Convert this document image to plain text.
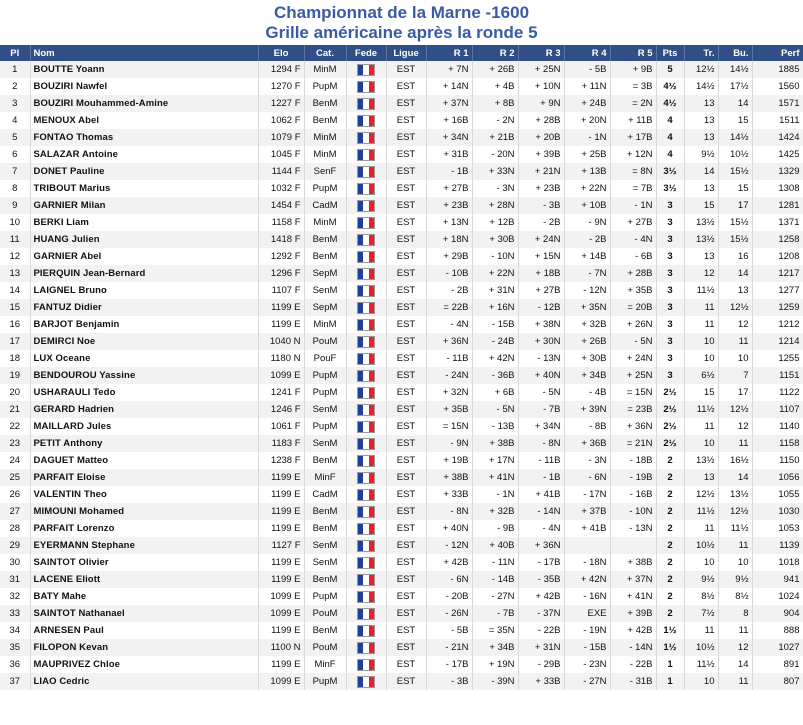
Championnat de la Marne -1600
Grille américaine après la ronde 5
Pl	Nom	Elo	Cat.	Fede	Ligue	R 1	R 2	R 3	R 4	R 5	Pts	Tr.	Bu.	Perf
1	BOUTTE Yoann	1294 F	MinM		EST	+ 7N	+ 26B	+ 25N	- 5B	+ 9B	5	12½	14½	1885
2	BOUZIRI Nawfel	1270 F	PupM		EST	+ 14N	+ 4B	+ 10N	+ 11N	= 3B	4½	14½	17½	1560
3	BOUZIRI Mouhammed-Amine	1227 F	BenM		EST	+ 37N	+ 8B	+ 9N	+ 24B	= 2N	4½	13	14	1571
4	MENOUX Abel	1062 F	BenM		EST	+ 16B	- 2N	+ 28B	+ 20N	+ 11B	4	13	15	1511
5	FONTAO Thomas	1079 F	MinM		EST	+ 34N	+ 21B	+ 20B	- 1N	+ 17B	4	13	14½	1424
6	SALAZAR Antoine	1045 F	MinM		EST	+ 31B	- 20N	+ 39B	+ 25B	+ 12N	4	9½	10½	1425
7	DONET Pauline	1144 F	SenF		EST	- 1B	+ 33N	+ 21N	+ 13B	= 8N	3½	14	15½	1329
8	TRIBOUT Marius	1032 F	PupM		EST	+ 27B	- 3N	+ 23B	+ 22N	= 7B	3½	13	15	1308
9	GARNIER Milan	1454 F	CadM		EST	+ 23B	+ 28N	- 3B	+ 10B	- 1N	3	15	17	1281
10	BERKI Liam	1158 F	MinM		EST	+ 13N	+ 12B	- 2B	- 9N	+ 27B	3	13½	15½	1371
11	HUANG Julien	1418 F	BenM		EST	+ 18N	+ 30B	+ 24N	- 2B	- 4N	3	13½	15½	1258
12	GARNIER Abel	1292 F	BenM		EST	+ 29B	- 10N	+ 15N	+ 14B	- 6B	3	13	16	1208
13	PIERQUIN Jean-Bernard	1296 F	SepM		EST	- 10B	+ 22N	+ 18B	- 7N	+ 28B	3	12	14	1217
14	LAIGNEL Bruno	1107 F	SenM		EST	- 2B	+ 31N	+ 27B	- 12N	+ 35B	3	11½	13	1277
15	FANTUZ Didier	1199 E	SepM		EST	= 22B	+ 16N	- 12B	+ 35N	= 20B	3	11	12½	1259
16	BARJOT Benjamin	1199 E	MinM		EST	- 4N	- 15B	+ 38N	+ 32B	+ 26N	3	11	12	1212
17	DEMIRCI Noe	1040 N	PouM		EST	+ 36N	- 24B	+ 30N	+ 26B	- 5N	3	10	11	1214
18	LUX Oceane	1180 N	PouF		EST	- 11B	+ 42N	- 13N	+ 30B	+ 24N	3	10	10	1255
19	BENDOUROU Yassine	1099 E	PupM		EST	- 24N	- 36B	+ 40N	+ 34B	+ 25N	3	6½	7	1151
20	USHARAULI Tedo	1241 F	PupM		EST	+ 32N	+ 6B	- 5N	- 4B	= 15N	2½	15	17	1122
21	GERARD Hadrien	1246 F	SenM		EST	+ 35B	- 5N	- 7B	+ 39N	= 23B	2½	11½	12½	1107
22	MAILLARD Jules	1061 F	PupM		EST	= 15N	- 13B	+ 34N	- 8B	+ 36N	2½	11	12	1140
23	PETIT Anthony	1183 F	SenM		EST	- 9N	+ 38B	- 8N	+ 36B	= 21N	2½	10	11	1158
24	DAGUET Matteo	1238 F	BenM		EST	+ 19B	+ 17N	- 11B	- 3N	- 18B	2	13½	16½	1150
25	PARFAIT Eloise	1199 E	MinF		EST	+ 38B	+ 41N	- 1B	- 6N	- 19B	2	13	14	1056
26	VALENTIN Theo	1199 E	CadM		EST	+ 33B	- 1N	+ 41B	- 17N	- 16B	2	12½	13½	1055
27	MIMOUNI Mohamed	1199 E	BenM		EST	- 8N	+ 32B	- 14N	+ 37B	- 10N	2	11½	12½	1030
28	PARFAIT Lorenzo	1199 E	BenM		EST	+ 40N	- 9B	- 4N	+ 41B	- 13N	2	11	11½	1053
29	EYERMANN Stephane	1127 F	SenM		EST	- 12N	+ 40B	+ 36N			2	10½	11	1139
30	SAINTOT Olivier	1199 E	SenM		EST	+ 42B	- 11N	- 17B	- 18N	+ 38B	2	10	10	1018
31	LACENE Eliott	1199 E	BenM		EST	- 6N	- 14B	- 35B	+ 42N	+ 37N	2	9½	9½	941
32	BATY Mahe	1099 E	PupM		EST	- 20B	- 27N	+ 42B	- 16N	+ 41N	2	8½	8½	1024
33	SAINTOT Nathanael	1099 E	PouM		EST	- 26N	- 7B	- 37N	EXE	+ 39B	2	7½	8	904
34	ARNESEN Paul	1199 E	BenM		EST	- 5B	= 35N	- 22B	- 19N	+ 42B	1½	11	11	888
35	FILOPON Kevan	1100 N	PouM		EST	- 21N	+ 34B	+ 31N	- 15B	- 14N	1½	10½	12	1027
36	MAUPRIVEZ Chloe	1199 E	MinF		EST	- 17B	+ 19N	- 29B	- 23N	- 22B	1	11½	14	891
37	LIAO Cedric	1099 E	PupM		EST	- 3B	- 39N	+ 33B	- 27N	- 31B	1	10	11	807
